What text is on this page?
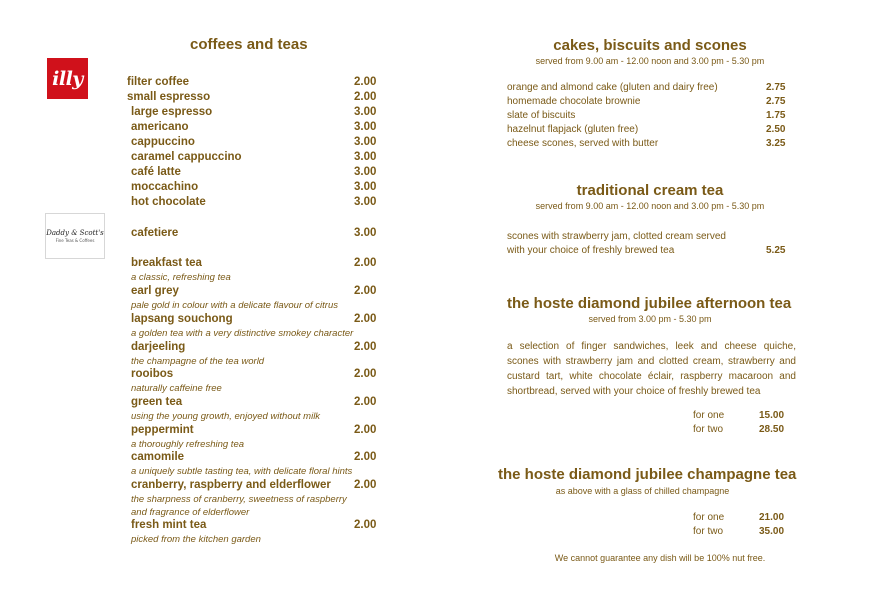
coffees and teas
illy
Daddy & Scott's
Fine Teas & Coffees
filter coffee	2.00
small espresso	2.00
large espresso	3.00
americano	3.00
cappuccino	3.00
caramel cappuccino	3.00
café latte	3.00
moccachino	3.00
hot chocolate	3.00
cafetiere	3.00
breakfast tea	2.00
a classic, refreshing tea
earl grey	2.00
pale gold in colour with a delicate flavour of citrus
lapsang souchong	2.00
a golden tea with a very distinctive smokey character
darjeeling	2.00
the champagne of the tea world
rooibos	2.00
naturally caffeine free
green tea	2.00
using the young growth, enjoyed without milk
peppermint	2.00
a thoroughly refreshing tea
camomile	2.00
a uniquely subtle tasting tea, with delicate floral hints
cranberry, raspberry and elderflower 2.00
the sharpness of cranberry, sweetness of raspberry
and fragrance of elderflower
fresh mint tea	2.00
picked from the kitchen garden
cakes, biscuits and scones
served from 9.00 am - 12.00 noon and 3.00 pm - 5.30 pm
orange and almond cake (gluten and dairy free)	2.75
homemade chocolate brownie	2.75
slate of biscuits	1.75
hazelnut flapjack (gluten free)	2.50
cheese scones, served with butter	3.25
traditional cream tea
served from 9.00 am - 12.00 noon and 3.00 pm - 5.30 pm
scones with strawberry jam, clotted cream served
with your choice of freshly brewed tea	5.25
the hoste diamond jubilee afternoon tea
served from 3.00 pm - 5.30 pm
a selection of finger sandwiches, leek and cheese quiche, scones with strawberry jam and clotted cream, strawberry and custard tart, white chocolate éclair, raspberry macaroon and shortbread, served with your choice of freshly brewed tea
for one	15.00
for two	28.50
the hoste diamond jubilee champagne tea
as above with a glass of chilled champagne
for one	21.00
for two	35.00
We cannot guarantee any dish will be 100% nut free.
